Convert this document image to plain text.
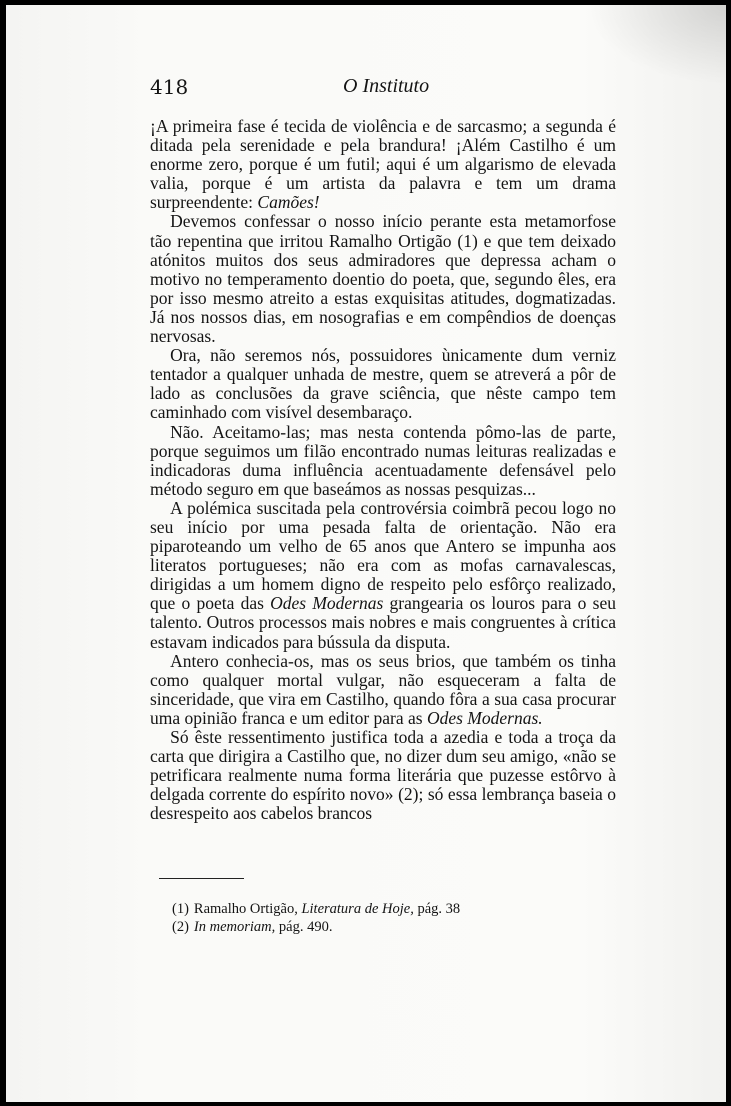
418	O Instituto

¡A primeira fase é tecida de violência e de sarcasmo; a segunda é ditada pela serenidade e pela brandura! ¡Além Castilho é um enorme zero, porque é um futil; aqui é um algarismo de elevada valia, porque é um artista da palavra e tem um drama surpreendente: Camões!

Devemos confessar o nosso início perante esta metamorfose tão repentina que irritou Ramalho Ortigão (1) e que tem deixado atónitos muitos dos seus admiradores que depressa acham o motivo no temperamento doentio do poeta, que, segundo êles, era por isso mesmo atreito a estas exquisitas atitudes, dogmatizadas. Já nos nossos dias, em nosografias e em compêndios de doenças nervosas.

Ora, não seremos nós, possuidores ùnicamente dum verniz tentador a qualquer unhada de mestre, quem se atreverá a pôr de lado as conclusões da grave sciência, que nêste campo tem caminhado com visível desembaraço.

Não. Aceitamo-las; mas nesta contenda pômo-las de parte, porque seguimos um filão encontrado numas leituras realizadas e indicadoras duma influência acentuadamente defensável pelo método seguro em que baseámos as nossas pesquizas...

A polémica suscitada pela controvérsia coimbrã pecou logo no seu início por uma pesada falta de orientação. Não era piparoteando um velho de 65 anos que Antero se impunha aos literatos portugueses; não era com as mofas carnavalescas, dirigidas a um homem digno de respeito pelo esfôrço realizado, que o poeta das Odes Modernas grangearia os louros para o seu talento. Outros processos mais nobres e mais congruentes à crítica estavam indicados para bússula da disputa.

Antero conhecia-os, mas os seus brios, que também os tinha como qualquer mortal vulgar, não esqueceram a falta de sinceridade, que vira em Castilho, quando fôra a sua casa procurar uma opinião franca e um editor para as Odes Modernas.

Só êste ressentimento justifica toda a azedia e toda a troça da carta que dirigira a Castilho que, no dizer dum seu amigo, «não se petrificara realmente numa forma literária que puzesse estôrvo à delgada corrente do espírito novo» (2); só essa lembrança baseia o desrespeito aos cabelos brancos

(1) Ramalho Ortigão, Literatura de Hoje, pág. 38
(2) In memoriam, pág. 490.
